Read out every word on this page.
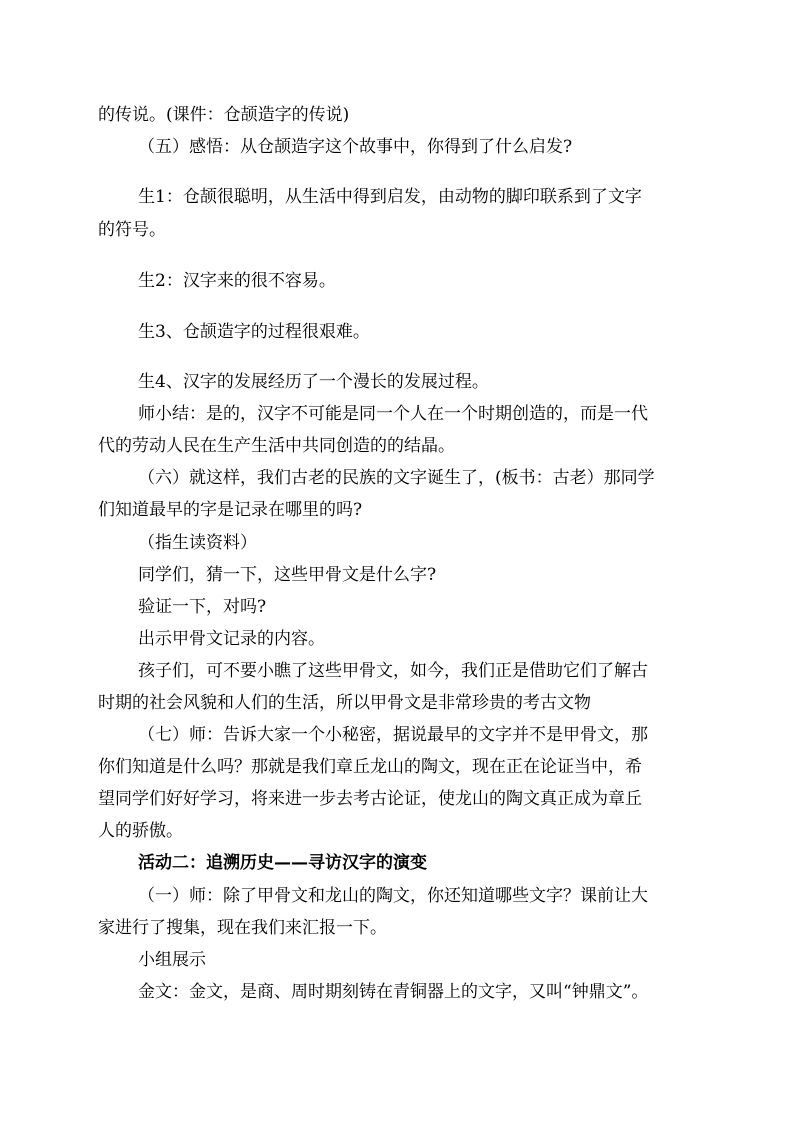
的传说。(课件：仓颉造字的传说)

（五）感悟：从仓颉造字这个故事中，你得到了什么启发?

生1：仓颉很聪明，从生活中得到启发，由动物的脚印联系到了文字

的符号。

生2：汉字来的很不容易。

生3、仓颉造字的过程很艰难。

生4、汉字的发展经历了一个漫长的发展过程。

师小结：是的，汉字不可能是同一个人在一个时期创造的，而是一代

代的劳动人民在生产生活中共同创造的的结晶。

（六）就这样，我们古老的民族的文字诞生了，(板书：古老）那同学

们知道最早的字是记录在哪里的吗?

（指生读资料）

同学们，猜一下，这些甲骨文是什么字?

验证一下，对吗?

出示甲骨文记录的内容。

孩子们，可不要小瞧了这些甲骨文，如今，我们正是借助它们了解古

时期的社会风貌和人们的生活，所以甲骨文是非常珍贵的考古文物

（七）师：告诉大家一个小秘密，据说最早的文字并不是甲骨文，那

你们知道是什么吗？那就是我们章丘龙山的陶文，现在正在论证当中，希

望同学们好好学习，将来进一步去考古论证，使龙山的陶文真正成为章丘

人的骄傲。

活动二：追溯历史——寻访汉字的演变

（一）师：除了甲骨文和龙山的陶文，你还知道哪些文字？课前让大

家进行了搜集，现在我们来汇报一下。

小组展示

金文：金文，是商、周时期刻铸在青铜器上的文字，又叫“钟鼎文”。
